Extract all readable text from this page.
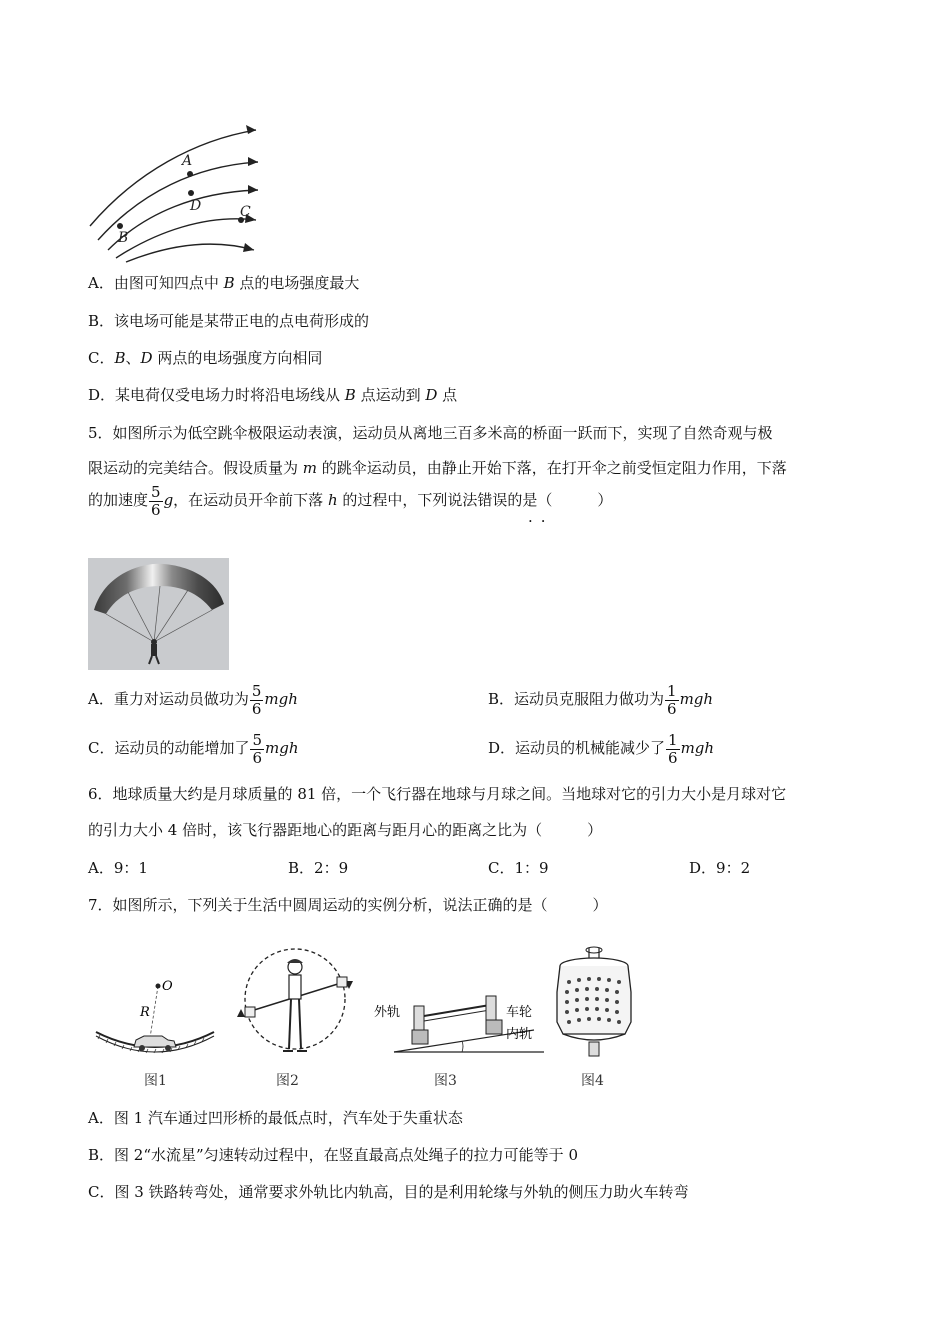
A
D	C
B
A．由图可知四点中 B 点的电场强度最大
B．该电场可能是某带正电的点电荷形成的
C．B、D 两点的电场强度方向相同
D．某电荷仅受电场力时将沿电场线从 B 点运动到 D 点
5．如图所示为低空跳伞极限运动表演，运动员从离地三百多米高的桥面一跃而下，实现了自然奇观与极
限运动的完美结合。假设质量为 m 的跳伞运动员，由静止开始下落，在打开伞之前受恒定阻力作用，下落
的加速度 $\frac{5}{6}$ g，在运动员开伞前下落 h 的过程中，下列说法错误的是（　　　）
··
A．重力对运动员做功为 $\frac{5}{6}$ mgh	B．运动员克服阻力做功为 $\frac{1}{6}$ mgh
C．运动员的动能增加了 $\frac{5}{6}$ mgh	D．运动员的机械能减少了 $\frac{1}{6}$ mgh
6．地球质量大约是月球质量的 81 倍，一个飞行器在地球与月球之间。当地球对它的引力大小是月球对它
的引力大小 4 倍时，该飞行器距地心的距离与距月心的距离之比为（　　　）
A．9：1	B．2：9	C．1：9	D．9：2
7．如图所示，下列关于生活中圆周运动的实例分析，说法正确的是（　　　）
O
R
图1	图2
外轨	车轮
内轨
图3	图4
A．图 1 汽车通过凹形桥的最低点时，汽车处于失重状态
B．图 2“水流星”匀速转动过程中，在竖直最高点处绳子的拉力可能等于 0
C．图 3 铁路转弯处，通常要求外轨比内轨高，目的是利用轮缘与外轨的侧压力助火车转弯
